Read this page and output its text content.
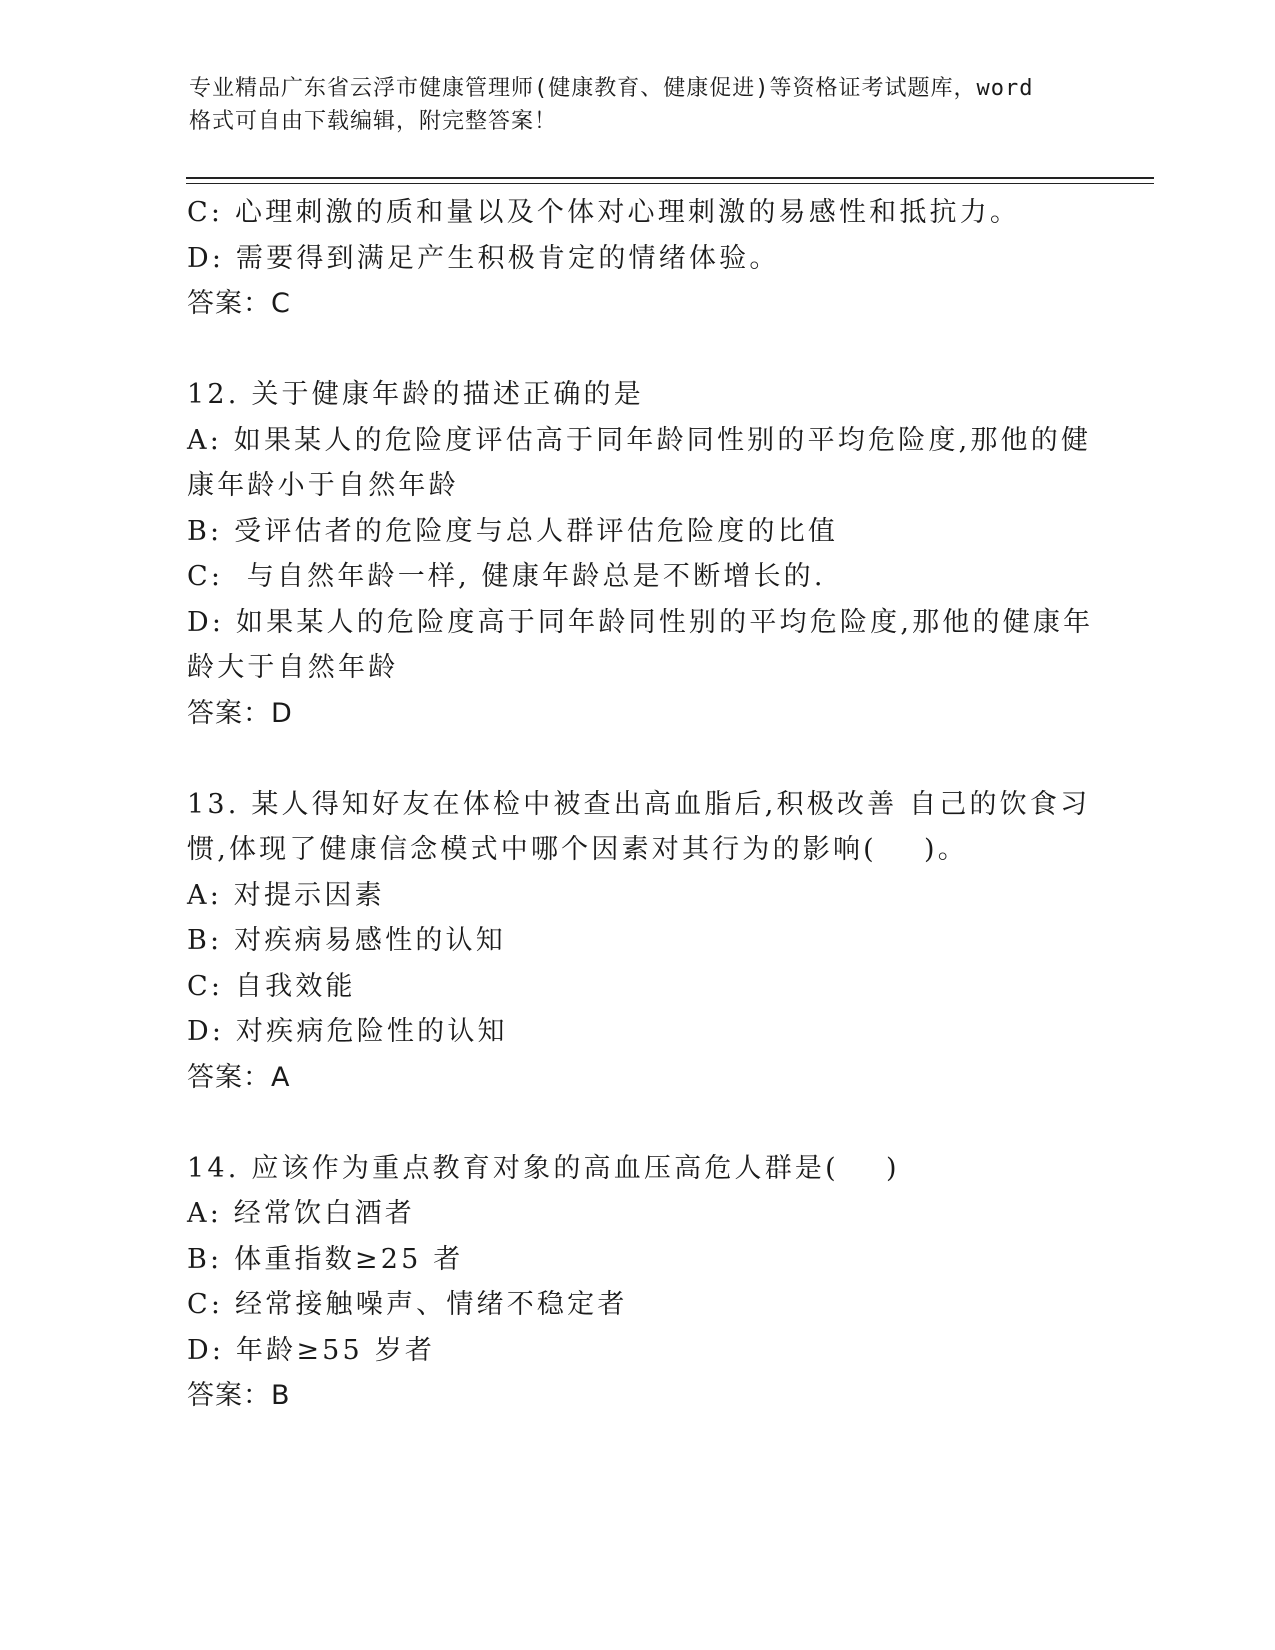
专业精品广东省云浮市健康管理师(健康教育、健康促进)等资格证考试题库，word
格式可自由下载编辑，附完整答案！
C: 心理刺激的质和量以及个体对心理刺激的易感性和抵抗力。
D: 需要得到满足产生积极肯定的情绪体验。
答案：C
12. 关于健康年龄的描述正确的是
A: 如果某人的危险度评估高于同年龄同性别的平均危险度,那他的健
康年龄小于自然年龄
B: 受评估者的危险度与总人群评估危险度的比值
C:  与自然年龄一样, 健康年龄总是不断增长的.
D: 如果某人的危险度高于同年龄同性别的平均危险度,那他的健康年
龄大于自然年龄
答案：D
13. 某人得知好友在体检中被查出高血脂后,积极改善 自己的饮食习
惯,体现了健康信念模式中哪个因素对其行为的影响(    )。
A: 对提示因素
B: 对疾病易感性的认知
C: 自我效能
D: 对疾病危险性的认知
答案：A
14. 应该作为重点教育对象的高血压高危人群是(    )
A: 经常饮白酒者
B: 体重指数≥25 者
C: 经常接触噪声、情绪不稳定者
D: 年龄≥55 岁者
答案：B
